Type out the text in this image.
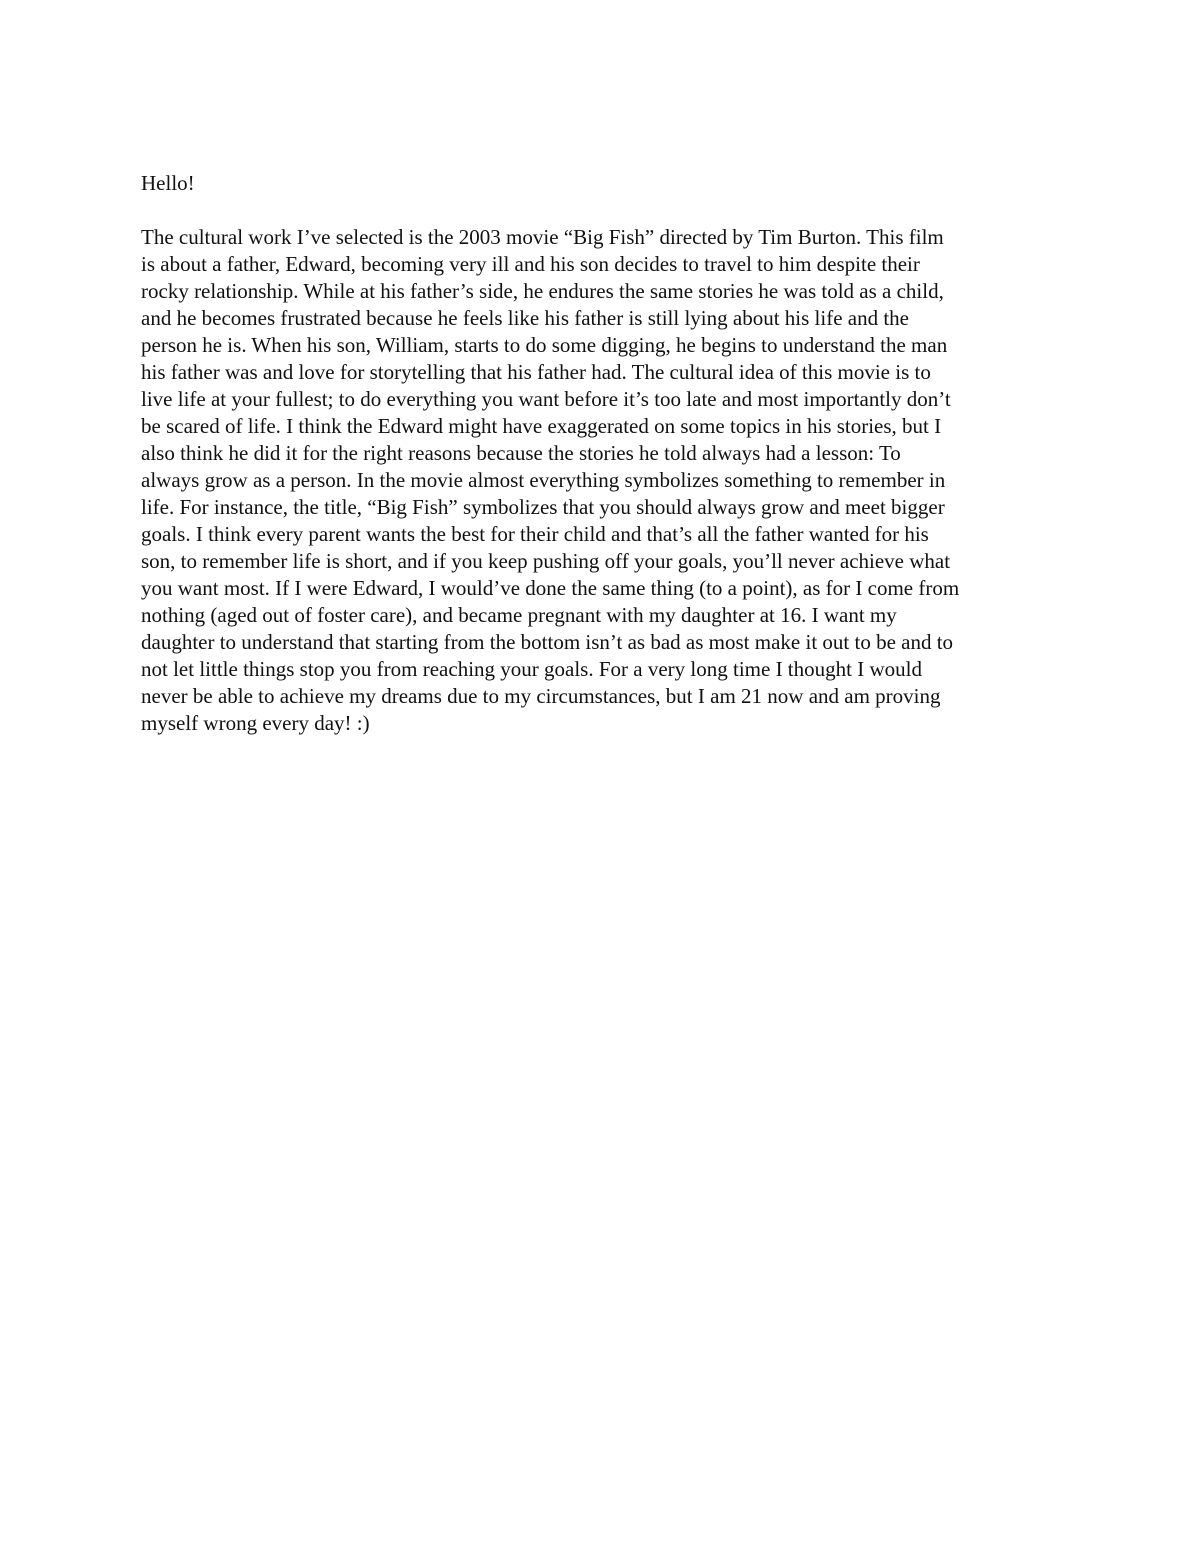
Hello!
The cultural work I’ve selected is the 2003 movie “Big Fish” directed by Tim Burton. This film
is about a father, Edward, becoming very ill and his son decides to travel to him despite their
rocky relationship. While at his father’s side, he endures the same stories he was told as a child,
and he becomes frustrated because he feels like his father is still lying about his life and the
person he is. When his son, William, starts to do some digging, he begins to understand the man
his father was and love for storytelling that his father had. The cultural idea of this movie is to
live life at your fullest; to do everything you want before it’s too late and most importantly don’t
be scared of life. I think the Edward might have exaggerated on some topics in his stories, but I
also think he did it for the right reasons because the stories he told always had a lesson: To
always grow as a person. In the movie almost everything symbolizes something to remember in
life. For instance, the title, “Big Fish” symbolizes that you should always grow and meet bigger
goals. I think every parent wants the best for their child and that’s all the father wanted for his
son, to remember life is short, and if you keep pushing off your goals, you’ll never achieve what
you want most. If I were Edward, I would’ve done the same thing (to a point), as for I come from
nothing (aged out of foster care), and became pregnant with my daughter at 16. I want my
daughter to understand that starting from the bottom isn’t as bad as most make it out to be and to
not let little things stop you from reaching your goals. For a very long time I thought I would
never be able to achieve my dreams due to my circumstances, but I am 21 now and am proving
myself wrong every day! :)
